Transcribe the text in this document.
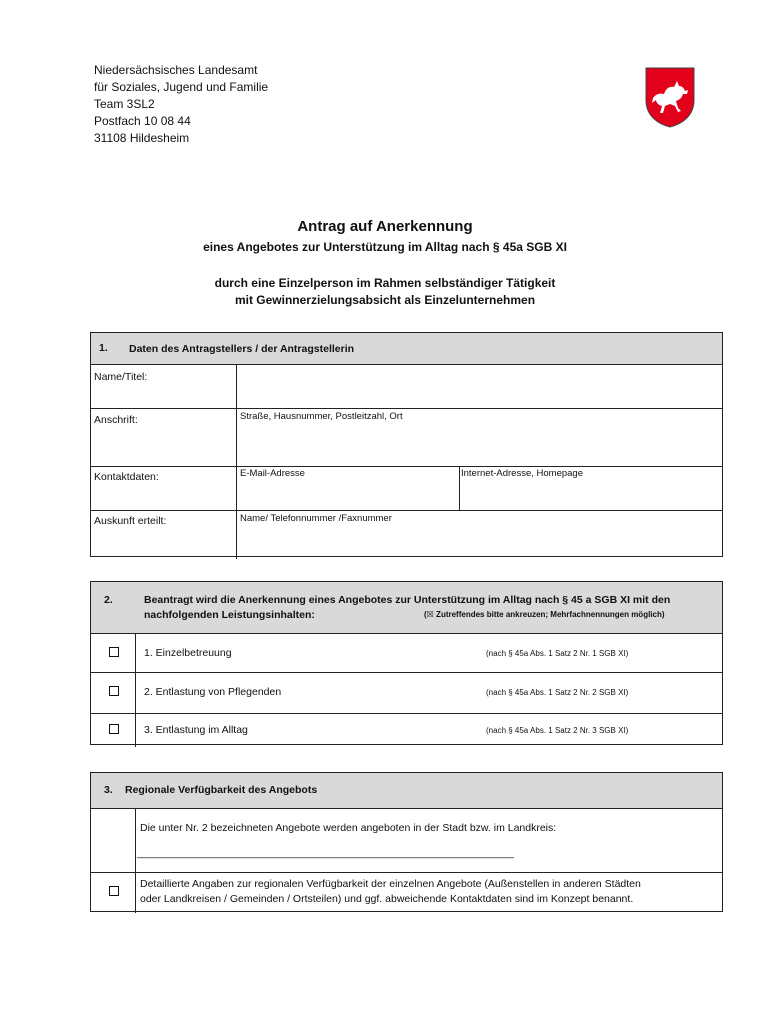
Niedersächsisches Landesamt
für Soziales, Jugend und Familie
Team 3SL2
Postfach 10 08 44
31108 Hildesheim
Antrag auf Anerkennung
eines Angebotes zur Unterstützung im Alltag nach § 45a SGB XI
durch eine Einzelperson im Rahmen selbständiger Tätigkeit
mit Gewinnerzielungsabsicht als Einzelunternehmen
1. Daten des Antragstellers / der Antragstellerin
Name/Titel:
Anschrift:	Straße, Hausnummer, Postleitzahl, Ort
Kontaktdaten:	E-Mail-Adresse	Internet-Adresse, Homepage
Auskunft erteilt:	Name/ Telefonnummer /Faxnummer
2.	Beantragt wird die Anerkennung eines Angebotes zur Unterstützung im Alltag nach § 45 a SGB XI mit den
nachfolgenden Leistungsinhalten:	(☒ Zutreffendes bitte ankreuzen; Mehrfachnennungen möglich)
1. Einzelbetreuung	(nach § 45a Abs. 1 Satz 2 Nr. 1 SGB XI)
2. Entlastung von Pflegenden	(nach § 45a Abs. 1 Satz 2 Nr. 2 SGB XI)
3. Entlastung im Alltag	(nach § 45a Abs. 1 Satz 2 Nr. 3 SGB XI)
3. Regionale Verfügbarkeit des Angebots
Die unter Nr. 2 bezeichneten Angebote werden angeboten in der Stadt bzw. im Landkreis:
____________________________________________________________________
Detaillierte Angaben zur regionalen Verfügbarkeit der einzelnen Angebote (Außenstellen in anderen Städten
oder Landkreisen / Gemeinden / Ortsteilen) und ggf. abweichende Kontaktdaten sind im Konzept benannt.
